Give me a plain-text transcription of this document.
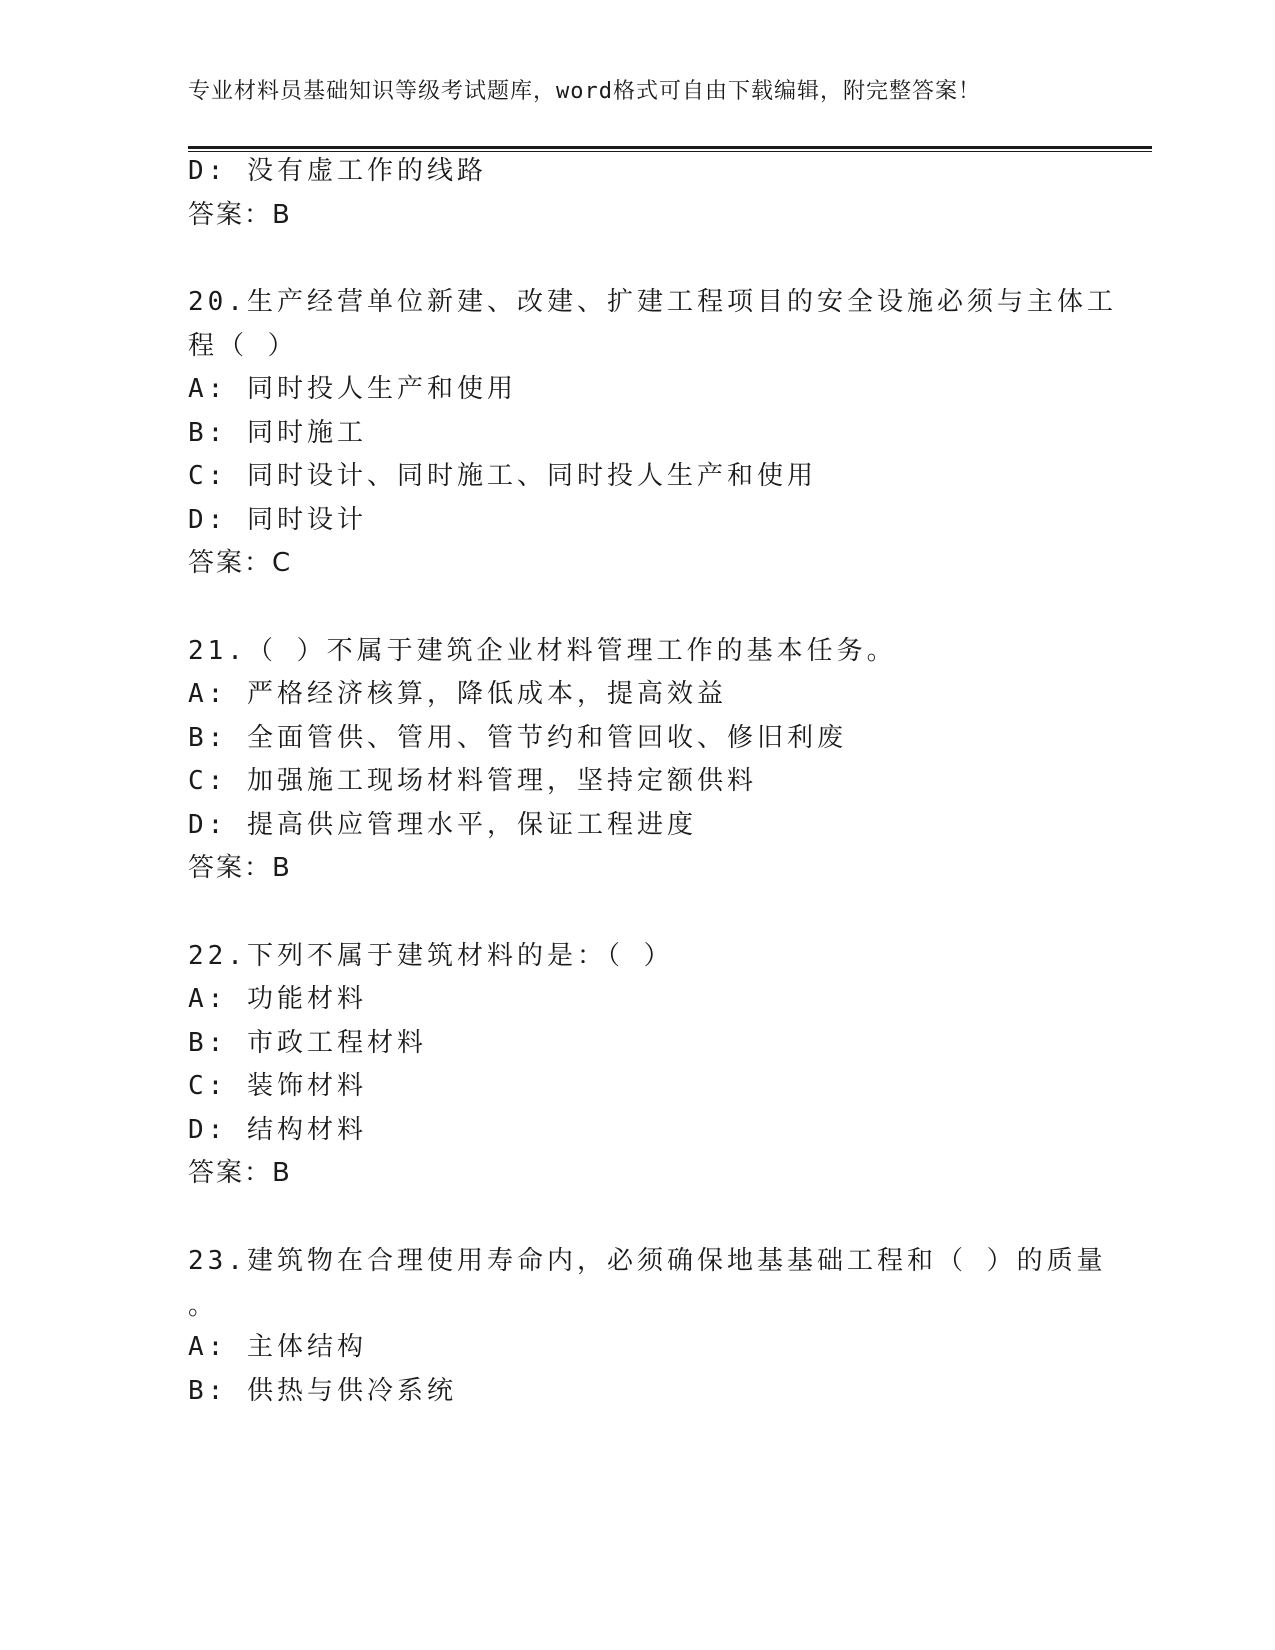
专业材料员基础知识等级考试题库，word格式可自由下载编辑，附完整答案！
D: 没有虚工作的线路
答案：B
20.生产经营单位新建、改建、扩建工程项目的安全设施必须与主体工
程（ ）
A: 同时投人生产和使用
B: 同时施工
C: 同时设计、同时施工、同时投人生产和使用
D: 同时设计
答案：C
21.（ ）不属于建筑企业材料管理工作的基本任务。
A: 严格经济核算，降低成本，提高效益
B: 全面管供、管用、管节约和管回收、修旧利废
C: 加强施工现场材料管理，坚持定额供料
D: 提高供应管理水平，保证工程进度
答案：B
22.下列不属于建筑材料的是：（ ）
A: 功能材料
B: 市政工程材料
C: 装饰材料
D: 结构材料
答案：B
23.建筑物在合理使用寿命内，必须确保地基基础工程和（ ）的质量
。
A: 主体结构
B: 供热与供冷系统
